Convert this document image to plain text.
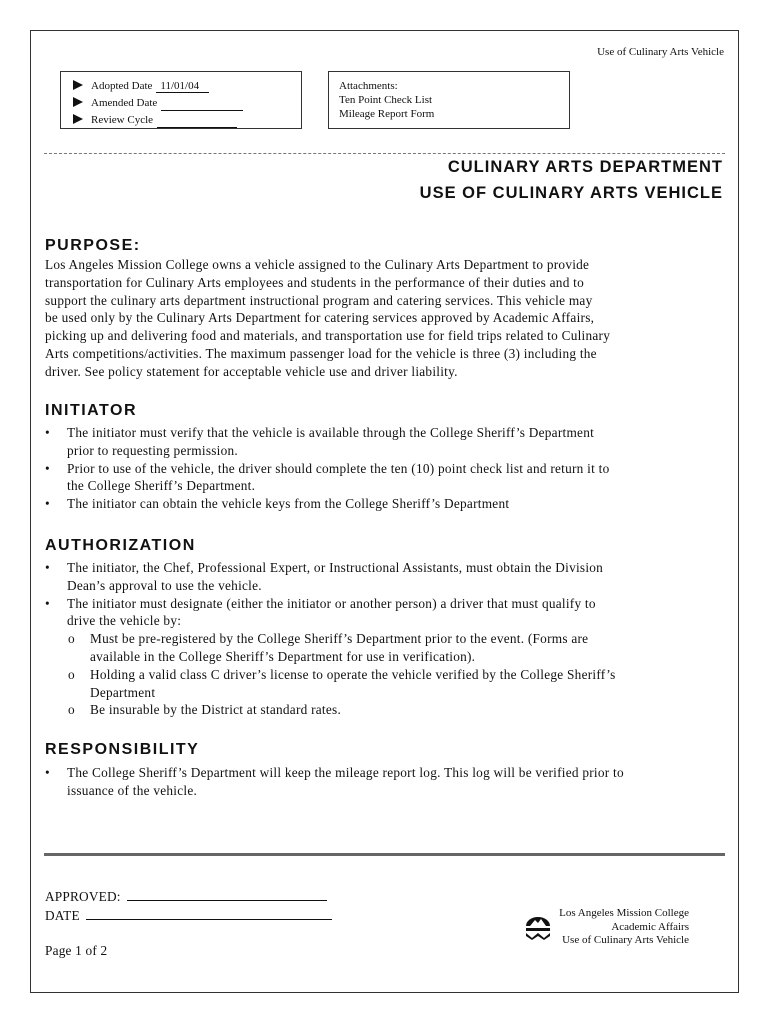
Use of Culinary Arts Vehicle
Adopted Date 11/01/04
Amended Date
Review Cycle
Attachments:
Ten Point Check List
Mileage Report Form
CULINARY ARTS DEPARTMENT
USE OF CULINARY ARTS VEHICLE
PURPOSE:
Los Angeles Mission College owns a vehicle assigned to the Culinary Arts Department to provide
transportation for Culinary Arts employees and students in the performance of their duties and to
support the culinary arts department instructional program and catering services. This vehicle may
be used only by the Culinary Arts Department for catering services approved by Academic Affairs,
picking up and delivering food and materials, and transportation use for field trips related to Culinary
Arts competitions/activities. The maximum passenger load for the vehicle is three (3) including the
driver. See policy statement for acceptable vehicle use and driver liability.
INITIATOR
• The initiator must verify that the vehicle is available through the College Sheriff’s Department
prior to requesting permission.
• Prior to use of the vehicle, the driver should complete the ten (10) point check list and return it to
the College Sheriff’s Department.
• The initiator can obtain the vehicle keys from the College Sheriff’s Department
AUTHORIZATION
• The initiator, the Chef, Professional Expert, or Instructional Assistants, must obtain the Division
Dean’s approval to use the vehicle.
• The initiator must designate (either the initiator or another person) a driver that must qualify to
drive the vehicle by:
o Must be pre-registered by the College Sheriff’s Department prior to the event. (Forms are
available in the College Sheriff’s Department for use in verification).
o Holding a valid class C driver’s license to operate the vehicle verified by the College Sheriff’s
Department
o Be insurable by the District at standard rates.
RESPONSIBILITY
• The College Sheriff’s Department will keep the mileage report log. This log will be verified prior to
issuance of the vehicle.
APPROVED:
DATE
Page 1 of 2
Los Angeles Mission College
Academic Affairs
Use of Culinary Arts Vehicle
